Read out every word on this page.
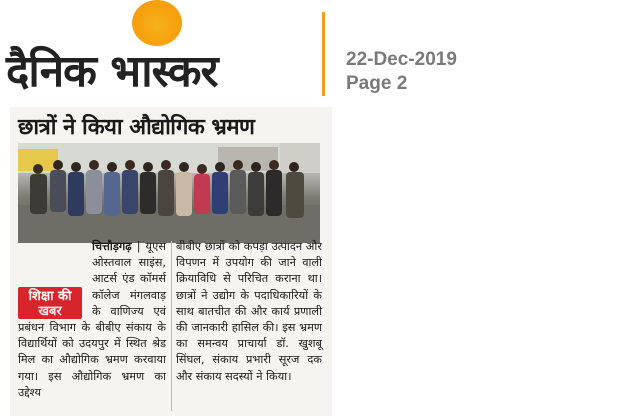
दैनिक भास्कर	22-Dec-2019
Page 2
छात्रों ने किया औद्योगिक भ्रमण

चित्तौड़गढ़ | यूएस ओस्तवाल साइंस, आटर्स एंड कॉमर्स कॉलेज मंगलवाड़ के वाणिज्य एवं प्रबंधन विभाग के बीबीए संकाय के विद्यार्थियों को उदयपुर में स्थित श्रेड मिल का औद्योगिक भ्रमण करवाया गया। इस औद्योगिक भ्रमण का उद्देश्य

शिक्षा की
खबर

बीबीए छात्रों को कपड़ा उत्पादन और विपणन में उपयोग की जाने वाली क्रियाविधि से परिचित कराना था। छात्रों ने उद्योग के पदाधिकारियों के साथ बातचीत की और कार्य प्रणाली की जानकारी हासिल की। इस भ्रमण का समन्वय प्राचार्या डॉ. खुशबू सिंघल, संकाय प्रभारी सूरज दक और संकाय सदस्यों ने किया।
